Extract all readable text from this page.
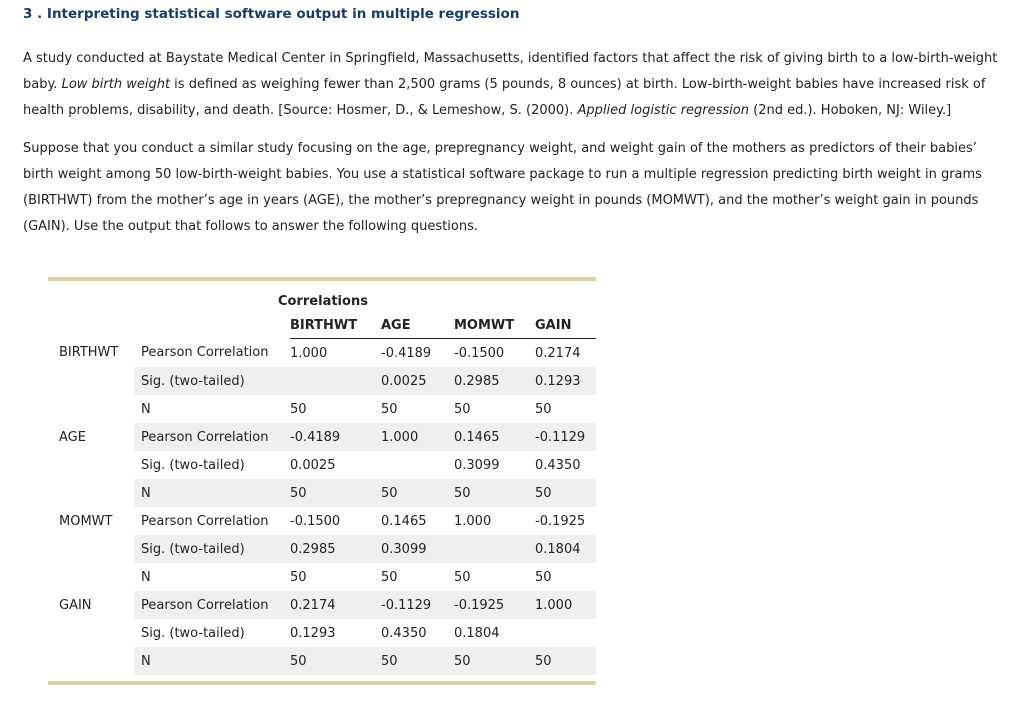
3 . Interpreting statistical software output in multiple regression

A study conducted at Baystate Medical Center in Springfield, Massachusetts, identified factors that affect the risk of giving birth to a low-birth-weight baby. Low birth weight is defined as weighing fewer than 2,500 grams (5 pounds, 8 ounces) at birth. Low-birth-weight babies have increased risk of health problems, disability, and death. [Source: Hosmer, D., & Lemeshow, S. (2000). Applied logistic regression (2nd ed.). Hoboken, NJ: Wiley.]

Suppose that you conduct a similar study focusing on the age, prepregnancy weight, and weight gain of the mothers as predictors of their babies’ birth weight among 50 low-birth-weight babies. You use a statistical software package to run a multiple regression predicting birth weight in grams (BIRTHWT) from the mother’s age in years (AGE), the mother’s prepregnancy weight in pounds (MOMWT), and the mother’s weight gain in pounds (GAIN). Use the output that follows to answer the following questions.

Correlations
		BIRTHWT	AGE	MOMWT	GAIN
BIRTHWT	Pearson Correlation	1.000	-0.4189	-0.1500	0.2174
	Sig. (two-tailed)		0.0025	0.2985	0.1293
	N	50	50	50	50
AGE	Pearson Correlation	-0.4189	1.000	0.1465	-0.1129
	Sig. (two-tailed)	0.0025		0.3099	0.4350
	N	50	50	50	50
MOMWT	Pearson Correlation	-0.1500	0.1465	1.000	-0.1925
	Sig. (two-tailed)	0.2985	0.3099		0.1804
	N	50	50	50	50
GAIN	Pearson Correlation	0.2174	-0.1129	-0.1925	1.000
	Sig. (two-tailed)	0.1293	0.4350	0.1804	
	N	50	50	50	50
